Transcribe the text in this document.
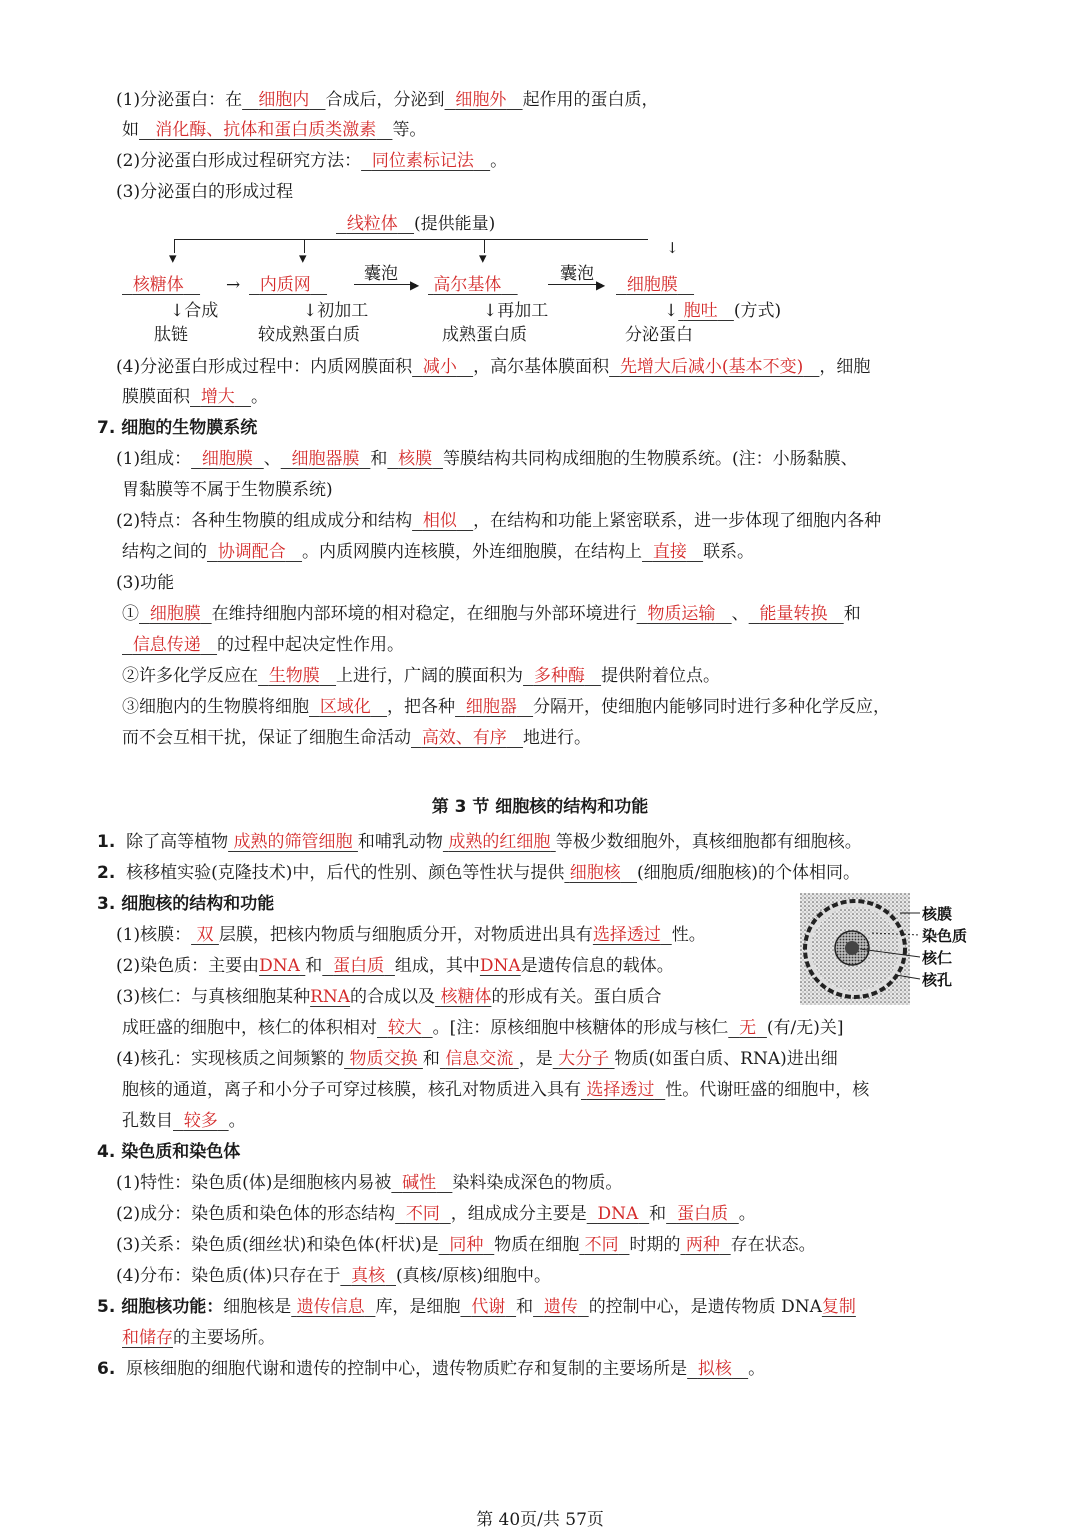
(1)分泌蛋白：在 细胞内 合成后，分泌到 细胞外 起作用的蛋白质，
如 消化酶、抗体和蛋白质类激素 等。
(2)分泌蛋白形成过程研究方法： 同位素标记法 。
(3)分泌蛋白的形成过程
线粒体 (提供能量)
↓
▾	▾	▾
囊泡	囊泡
核糖体	→	内质网	▶ 高尔基体	▶	细胞膜
↓合成	↓初加工	↓再加工	↓ 胞吐 (方式)
肽链	较成熟蛋白质	成熟蛋白质	分泌蛋白
(4)分泌蛋白形成过程中：内质网膜面积 减小 ，高尔基体膜面积 先增大后减小(基本不变) ，细胞
膜膜面积 增大 。
7. 细胞的生物膜系统
(1)组成： 细胞膜 、 细胞器膜 和 核膜 等膜结构共同构成细胞的生物膜系统。(注：小肠黏膜、
胃黏膜等不属于生物膜系统)
(2)特点：各种生物膜的组成成分和结构 相似 ，在结构和功能上紧密联系，进一步体现了细胞内各种
结构之间的 协调配合 。内质网膜内连核膜，外连细胞膜，在结构上 直接 联系。
(3)功能
① 细胞膜 在维持细胞内部环境的相对稳定，在细胞与外部环境进行 物质运输 、 能量转换 和
信息传递 的过程中起决定性作用。
②许多化学反应在 生物膜 上进行，广阔的膜面积为 多种酶 提供附着位点。
③细胞内的生物膜将细胞 区域化 ，把各种 细胞器 分隔开，使细胞内能够同时进行多种化学反应，
而不会互相干扰，保证了细胞生命活动 高效、有序 地进行。
第 3 节 细胞核的结构和功能
1. 除了高等植物 成熟的筛管细胞 和哺乳动物 成熟的红细胞 等极少数细胞外，真核细胞都有细胞核。
2. 核移植实验(克隆技术)中，后代的性别、颜色等性状与提供 细胞核 (细胞质/细胞核)的个体相同。
3. 细胞核的结构和功能
(1)核膜： 双 层膜，把核内物质与细胞质分开，对物质进出具有选择透过 性。
(2)染色质：主要由DNA 和 蛋白质 组成，其中DNA是遗传信息的载体。
(3)核仁：与真核细胞某种RNA的合成以及 核糖体的形成有关。蛋白质合
成旺盛的细胞中，核仁的体积相对 较大 。[注：原核细胞中核糖体的形成与核仁 无 (有/无)关]
(4)核孔：实现核质之间频繁的 物质交换 和 信息交流 ，是 大分子 物质(如蛋白质、RNA)进出细
胞核的通道，离子和小分子可穿过核膜，核孔对物质进入具有 选择透过 性。代谢旺盛的细胞中，核
孔数目 较多 。
4. 染色质和染色体
(1)特性：染色质(体)是细胞核内易被 碱性 染料染成深色的物质。
(2)成分：染色质和染色体的形态结构 不同 ，组成成分主要是 DNA 和 蛋白质 。
(3)关系：染色质(细丝状)和染色体(杆状)是 同种 物质在细胞 不同 时期的 两种 存在状态。
(4)分布：染色质(体)只存在于 真核 (真核/原核)细胞中。
5. 细胞核功能：细胞核是 遗传信息 库，是细胞 代谢 和 遗传 的控制中心，是遗传物质 DNA复制
和储存的主要场所。
6. 原核细胞的细胞代谢和遗传的控制中心，遗传物质贮存和复制的主要场所是 拟核 。
核膜
染色质
核仁
核孔
第 40页/共 57页
